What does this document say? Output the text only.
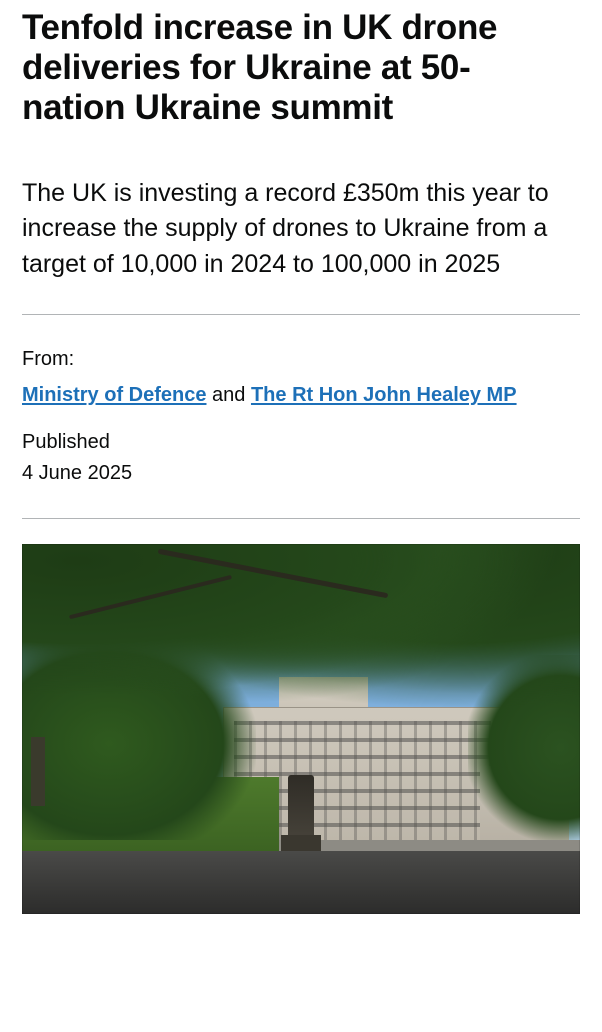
Tenfold increase in UK drone deliveries for Ukraine at 50-nation Ukraine summit

The UK is investing a record £350m this year to increase the supply of drones to Ukraine from a target of 10,000 in 2024 to 100,000 in 2025

From:

Ministry of Defence and The Rt Hon John Healey MP

Published

4 June 2025
